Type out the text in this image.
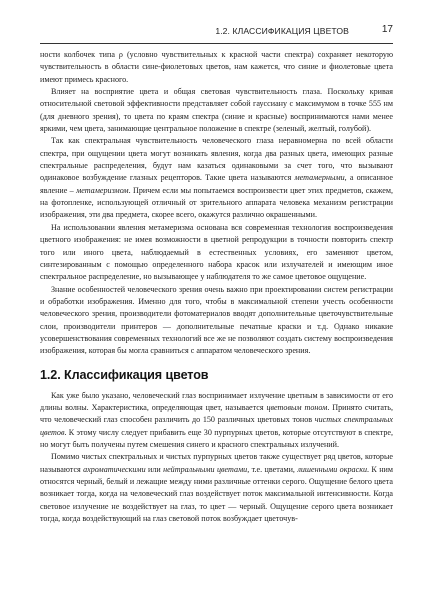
1.2. КЛАССИФИКАЦИЯ ЦВЕТОВ	17

ности колбочек типа ρ (условно чувствительных к красной части спектра) сохраняет некоторую чувствительность в области сине-фиолетовых цветов, нам кажется, что синие и фиолетовые цвета имеют примесь красного.

Влияет на восприятие цвета и общая световая чувствительность глаза. Поскольку кривая относительной световой эффективности представляет собой гауссиану с максимумом в точке 555 нм (для дневного зрения), то цвета по краям спектра (синие и красные) воспринимаются нами менее яркими, чем цвета, занимающие центральное положение в спектре (зеленый, желтый, голубой).

Так как спектральная чувствительность человеческого глаза неравномерна по всей области спектра, при ощущении цвета могут возникать явления, когда два разных цвета, имеющих разные спектральные распределения, будут нам казаться одинаковыми за счет того, что вызывают одинаковое возбуждение глазных рецепторов. Такие цвета называются метамерными, а описанное явление – метамеризмом. Причем если мы попытаемся воспроизвести цвет этих предметов, скажем, на фотопленке, использующей отличный от зрительного аппарата человека механизм регистрации изображения, эти два предмета, скорее всего, окажутся различно окрашенными.

На использовании явления метамеризма основана вся современная технология воспроизведения цветного изображения: не имея возможности в цветной репродукции в точности повторить спектр того или иного цвета, наблюдаемый в естественных условиях, его заменяют цветом, синтезированным с помощью определенного набора красок или излучателей и имеющим иное спектральное распределение, но вызывающее у наблюдателя то же самое цветовое ощущение.

Знание особенностей человеческого зрения очень важно при проектировании систем регистрации и обработки изображения. Именно для того, чтобы в максимальной степени учесть особенности человеческого зрения, производители фотоматериалов вводят дополнительные цветочувствительные слои, производители принтеров — дополнительные печатные краски и т.д. Однако никакие усовершенствования современных технологий все же не позволяют создать систему воспроизведения изображения, которая бы могла сравниться с аппаратом человеческого зрения.

1.2. Классификация цветов

Как уже было указано, человеческий глаз воспринимает излучение цветным в зависимости от его длины волны. Характеристика, определяющая цвет, называется цветовым тоном. Принято считать, что человеческий глаз способен различить до 150 различных цветовых тонов чистых спектральных цветов. К этому числу следует прибавить еще 30 пурпурных цветов, которые отсутствуют в спектре, но могут быть получены путем смешения синего и красного спектральных излучений.

Помимо чистых спектральных и чистых пурпурных цветов также существует ряд цветов, которые называются ахроматическими или нейтральными цветами, т.е. цветами, лишенными окраски. К ним относятся черный, белый и лежащие между ними различные оттенки серого. Ощущение белого цвета возникает тогда, когда на человеческий глаз воздействует поток максимальной интенсивности. Когда световое излучение не воздействует на глаз, то цвет — черный. Ощущение серого цвета возникает тогда, когда воздействующий на глаз световой поток возбуждает цветочув-
